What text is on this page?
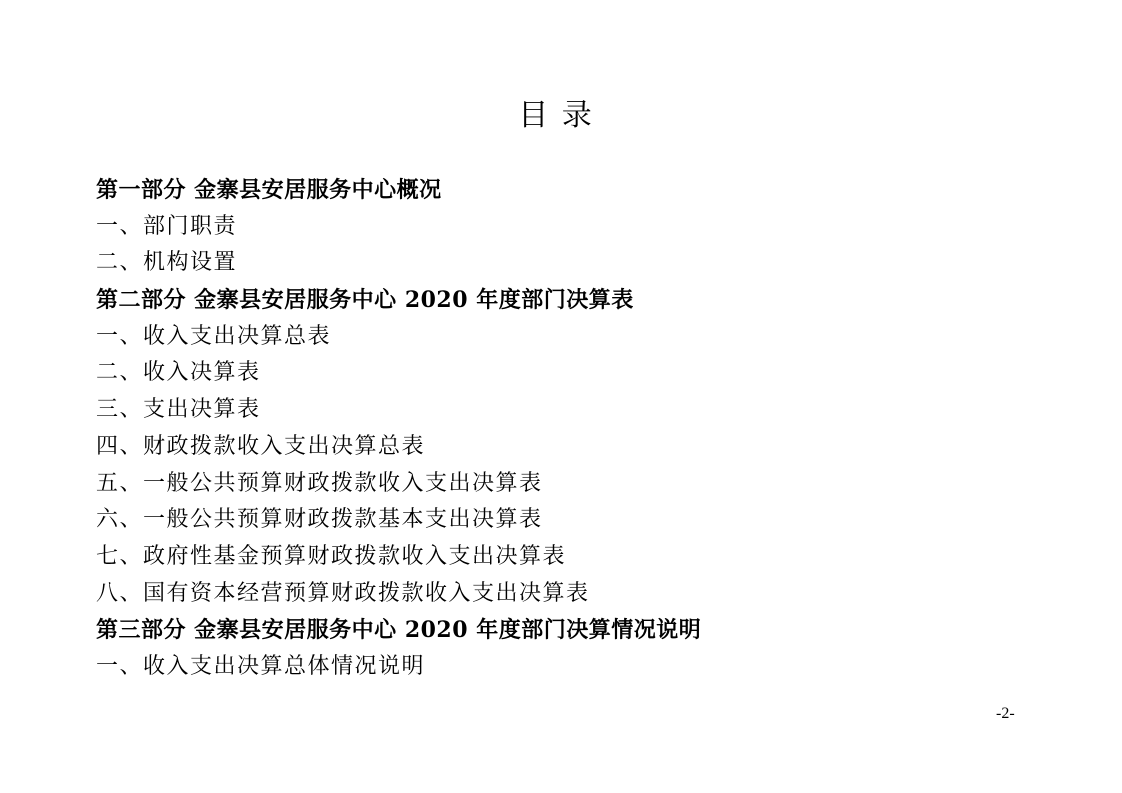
目 录
第一部分 金寨县安居服务中心概况
一、部门职责
二、机构设置
第二部分 金寨县安居服务中心 2020 年度部门决算表
一、收入支出决算总表
二、收入决算表
三、支出决算表
四、财政拨款收入支出决算总表
五、一般公共预算财政拨款收入支出决算表
六、一般公共预算财政拨款基本支出决算表
七、政府性基金预算财政拨款收入支出决算表
八、国有资本经营预算财政拨款收入支出决算表
第三部分 金寨县安居服务中心 2020 年度部门决算情况说明
一、收入支出决算总体情况说明
-2-
